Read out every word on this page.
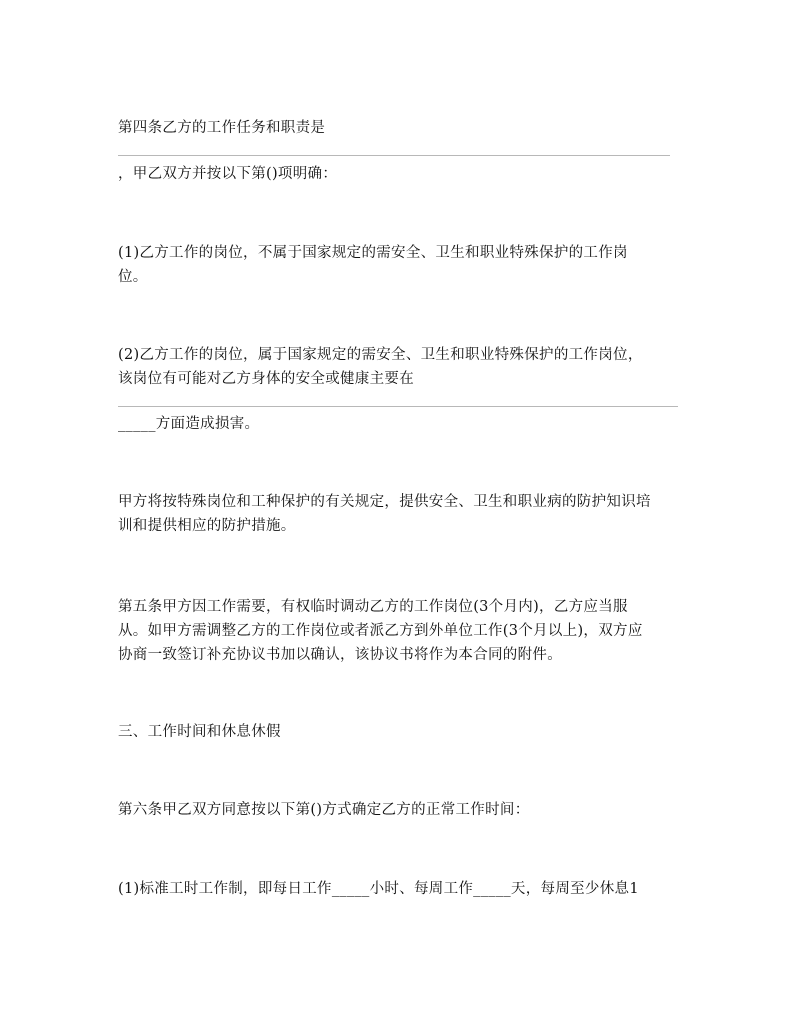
第四条乙方的工作任务和职责是
，甲乙双方并按以下第()项明确：
(1)乙方工作的岗位，不属于国家规定的需安全、卫生和职业特殊保护的工作岗
位。
(2)乙方工作的岗位，属于国家规定的需安全、卫生和职业特殊保护的工作岗位，
该岗位有可能对乙方身体的安全或健康主要在
_____方面造成损害。
甲方将按特殊岗位和工种保护的有关规定，提供安全、卫生和职业病的防护知识培
训和提供相应的防护措施。
第五条甲方因工作需要，有权临时调动乙方的工作岗位(3个月内)，乙方应当服
从。如甲方需调整乙方的工作岗位或者派乙方到外单位工作(3个月以上)，双方应
协商一致签订补充协议书加以确认，该协议书将作为本合同的附件。
三、工作时间和休息休假
第六条甲乙双方同意按以下第()方式确定乙方的正常工作时间：
(1)标准工时工作制，即每日工作_____小时、每周工作_____天，每周至少休息1
